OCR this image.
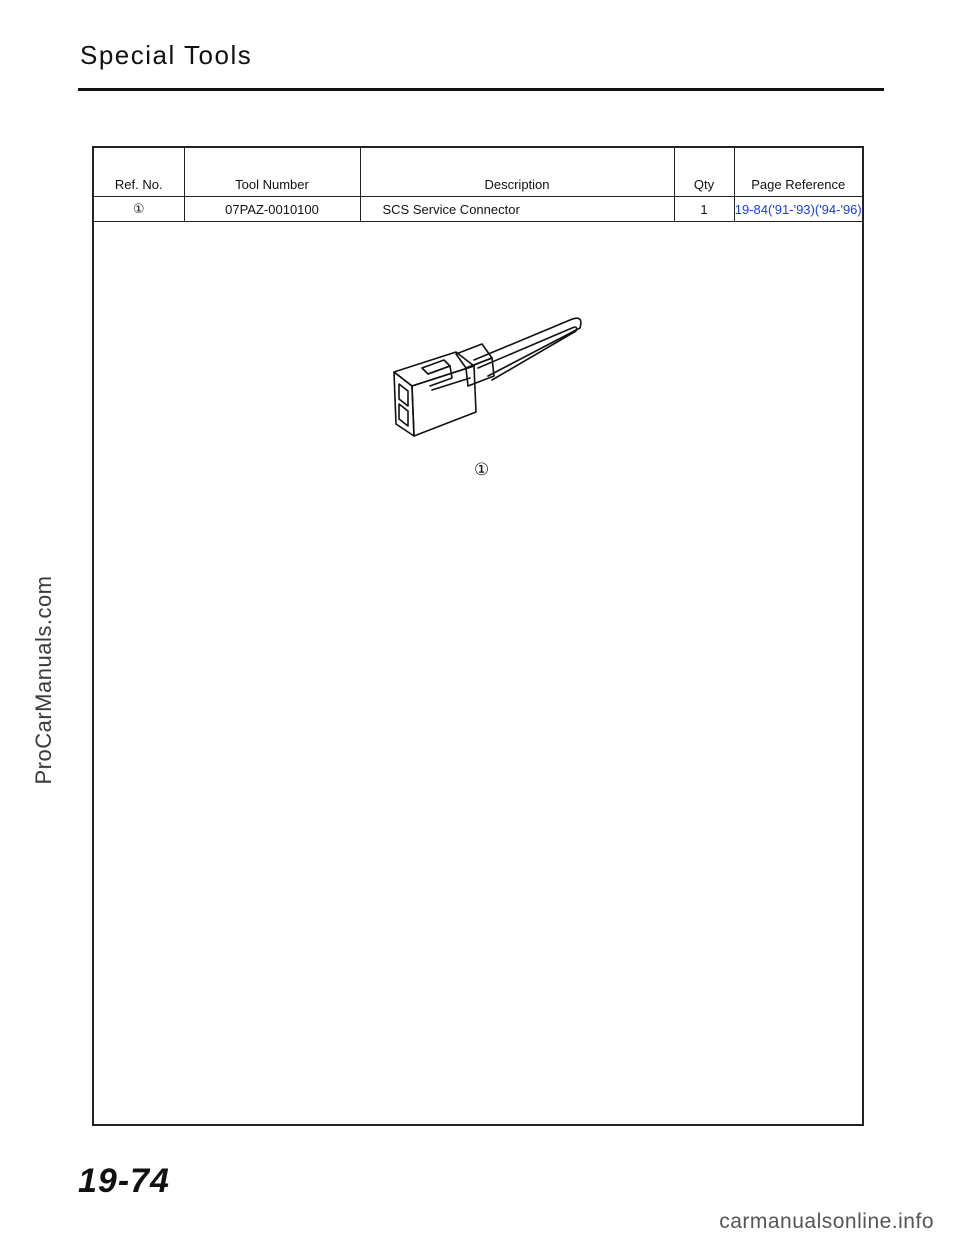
Special Tools
ProCarManuals.com
Ref. No.	Tool Number	Description	Qty	Page Reference
①	07PAZ-0010100	SCS Service Connector	1	19-84('91-'93)('94-'96)
①
19-74
carmanualsonline.info
